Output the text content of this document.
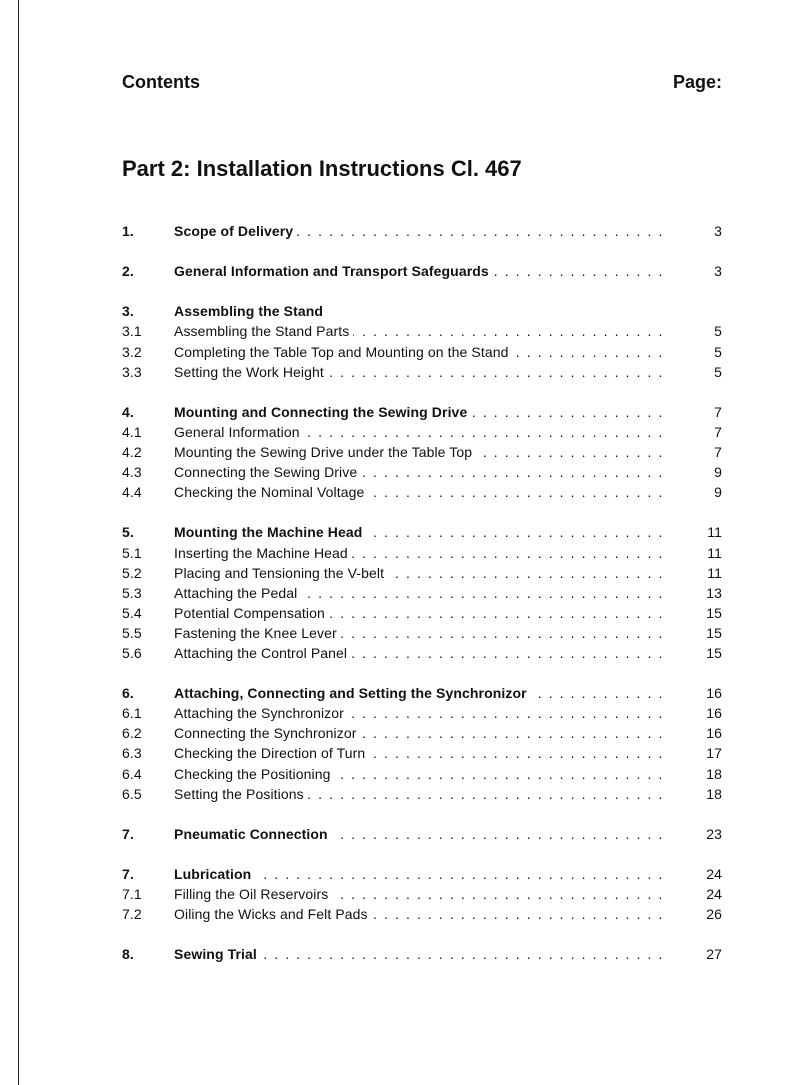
Contents	Page:
Part 2: Installation Instructions Cl. 467
1.	Scope of Delivery . . .	3
2.	General Information and Transport Safeguards . . .	3
3.	Assembling the Stand
3.1 Assembling the Stand Parts . . .	5
3.2 Completing the Table Top and Mounting on the Stand . . .	5
3.3 Setting the Work Height . . .	5
4.	Mounting and Connecting the Sewing Drive . . .	7
4.1 General Information . . .	7
4.2 Mounting the Sewing Drive under the Table Top . . .	7
4.3 Connecting the Sewing Drive . . .	9
4.4 Checking the Nominal Voltage . . .	9
5.	Mounting the Machine Head . . .	11
5.1 Inserting the Machine Head . . .	11
5.2 Placing and Tensioning the V-belt . . .	11
5.3 Attaching the Pedal . . .	13
5.4 Potential Compensation . . .	15
5.5 Fastening the Knee Lever . . .	15
5.6 Attaching the Control Panel . . .	15
6.	Attaching, Connecting and Setting the Synchronizor . . .	16
6.1 Attaching the Synchronizor . . .	16
6.2 Connecting the Synchronizor . . .	16
6.3 Checking the Direction of Turn . . .	17
6.4 Checking the Positioning . . .	18
6.5 Setting the Positions . . .	18
7.	Pneumatic Connection . . .	23
7.	Lubrication . . .	24
7.1 Filling the Oil Reservoirs . . .	24
7.2 Oiling the Wicks and Felt Pads . . .	26
8.	Sewing Trial . . .	27
